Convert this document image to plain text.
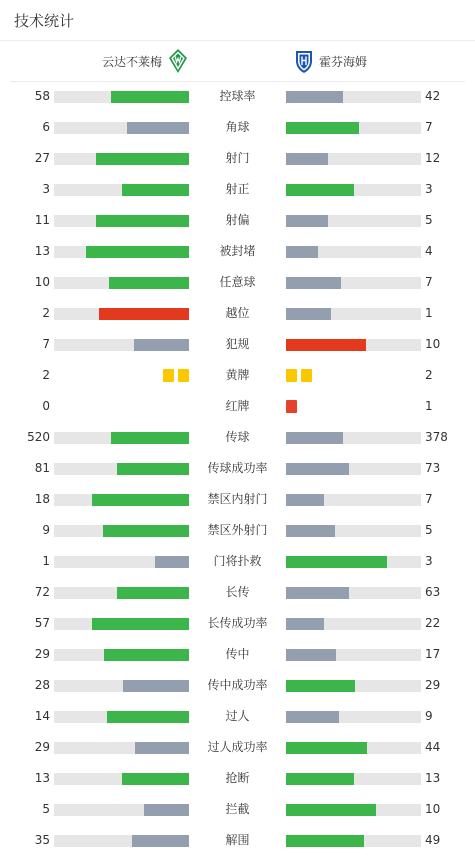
技术统计
云达不莱梅	霍芬海姆
58	控球率	42
6	角球	7
27	射门	12
3	射正	3
11	射偏	5
13	被封堵	4
10	任意球	7
2	越位	1
7	犯规	10
2	黄牌	2
0	红牌	1
520	传球	378
81	传球成功率	73
18	禁区内射门	7
9	禁区外射门	5
1	门将扑救	3
72	长传	63
57	长传成功率	22
29	传中	17
28	传中成功率	29
14	过人	9
29	过人成功率	44
13	抢断	13
5	拦截	10
35	解围	49
